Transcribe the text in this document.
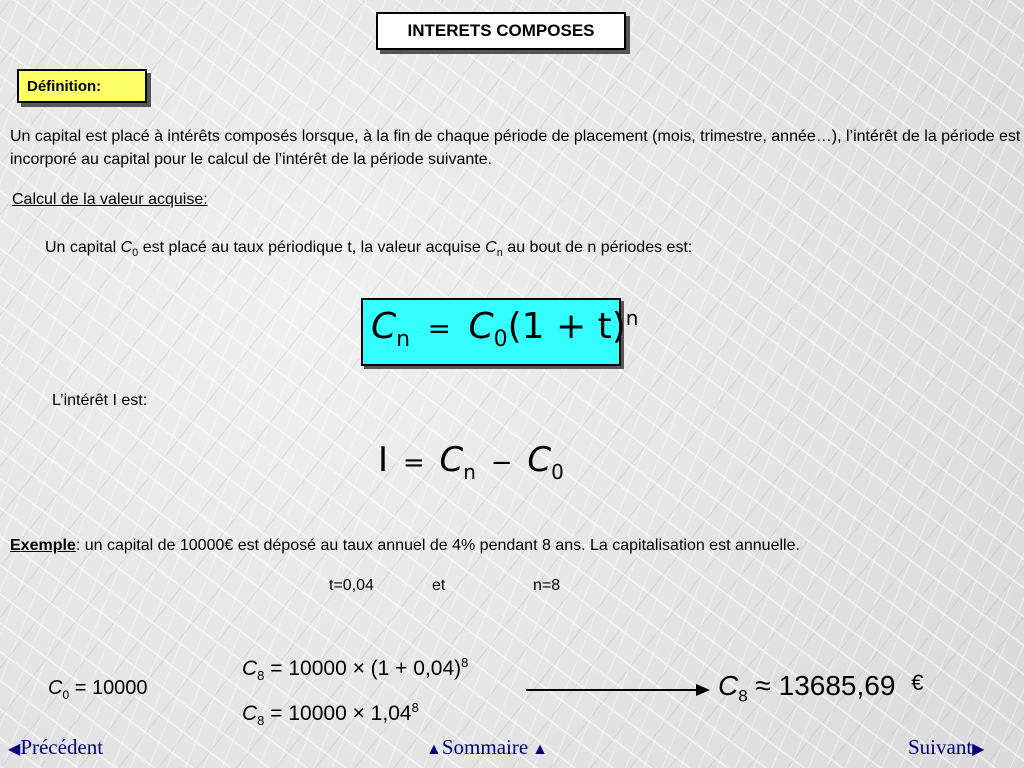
INTERETS COMPOSES
Définition:
Un capital est placé à intérêts composés lorsque, à la fin de chaque période de placement (mois, trimestre, année…), l’intérêt de la période est incorporé au capital pour le calcul de l’intérêt de la période suivante.
Calcul de la valeur acquise:
Un capital $C_0$ est placé au taux périodique t, la valeur acquise $C_n$ au bout de n périodes est:
$C_n = C_0(1 + t)^n$
L’intérêt I est:
$I = C_n - C_0$
Exemple: un capital de 10000€ est déposé au taux annuel de 4% pendant 8 ans. La capitalisation est annuelle.
t=0,04	et	n=8
$C_0 = 10000$
$C_8 = 10000 \times (1 + 0,04)^8$
$C_8 = 10000 \times 1,04^8$
$C_8 \approx 13685,69$ €
◀Précédent	▲Sommaire ▲	Suivant▶
